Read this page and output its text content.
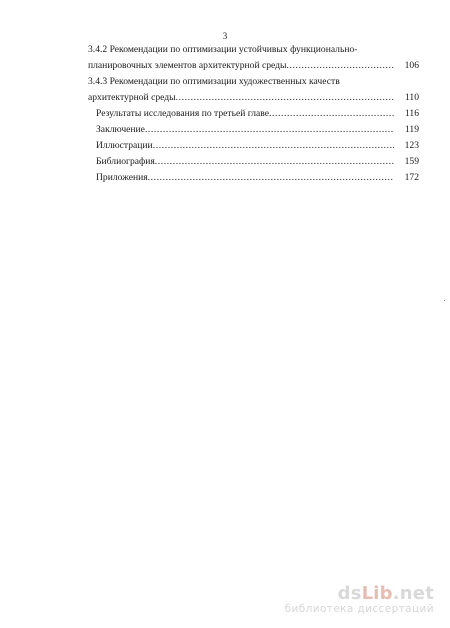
3
3.4.2 Рекомендации по оптимизации устойчивых функционально-
планировочных элементов архитектурной среды .....	106
3.4.3 Рекомендации по оптимизации художественных качеств
архитектурной среды .....	110
Результаты исследования по третьей главе .....	116
Заключение .....	119
Иллюстрации .....	123
Библиография .....	159
Приложения .....	172
dsLib.net
библиотека диссертаций
